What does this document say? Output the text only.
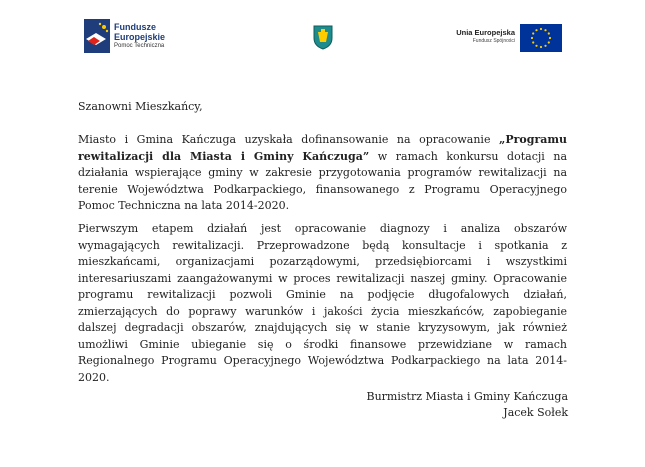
Fundusze
Europejskie
Pomoc Techniczna
Unia Europejska
Fundusz Spójności
Szanowni Mieszkańcy,
Miasto i Gmina Kańczuga uzyskała dofinansowanie na opracowanie „Programu rewitalizacji dla Miasta i Gminy Kańczuga” w ramach konkursu dotacji na działania wspierające gminy w zakresie przygotowania programów rewitalizacji na terenie Województwa Podkarpackiego, finansowanego z Programu Operacyjnego Pomoc Techniczna na lata 2014-2020.
Pierwszym etapem działań jest opracowanie diagnozy i analiza obszarów wymagających rewitalizacji. Przeprowadzone będą konsultacje i spotkania z mieszkańcami, organizacjami pozarządowymi, przedsiębiorcami i wszystkimi interesariuszami zaangażowanymi w proces rewitalizacji naszej gminy. Opracowanie programu rewitalizacji pozwoli Gminie na podjęcie długofalowych działań, zmierzających do poprawy warunków i jakości życia mieszkańców, zapobieganie dalszej degradacji obszarów, znajdujących się w stanie kryzysowym, jak również umożliwi Gminie ubieganie się o środki finansowe przewidziane w ramach Regionalnego Programu Operacyjnego Województwa Podkarpackiego na lata 2014-2020.
Burmistrz Miasta i Gminy Kańczuga
Jacek Sołek
